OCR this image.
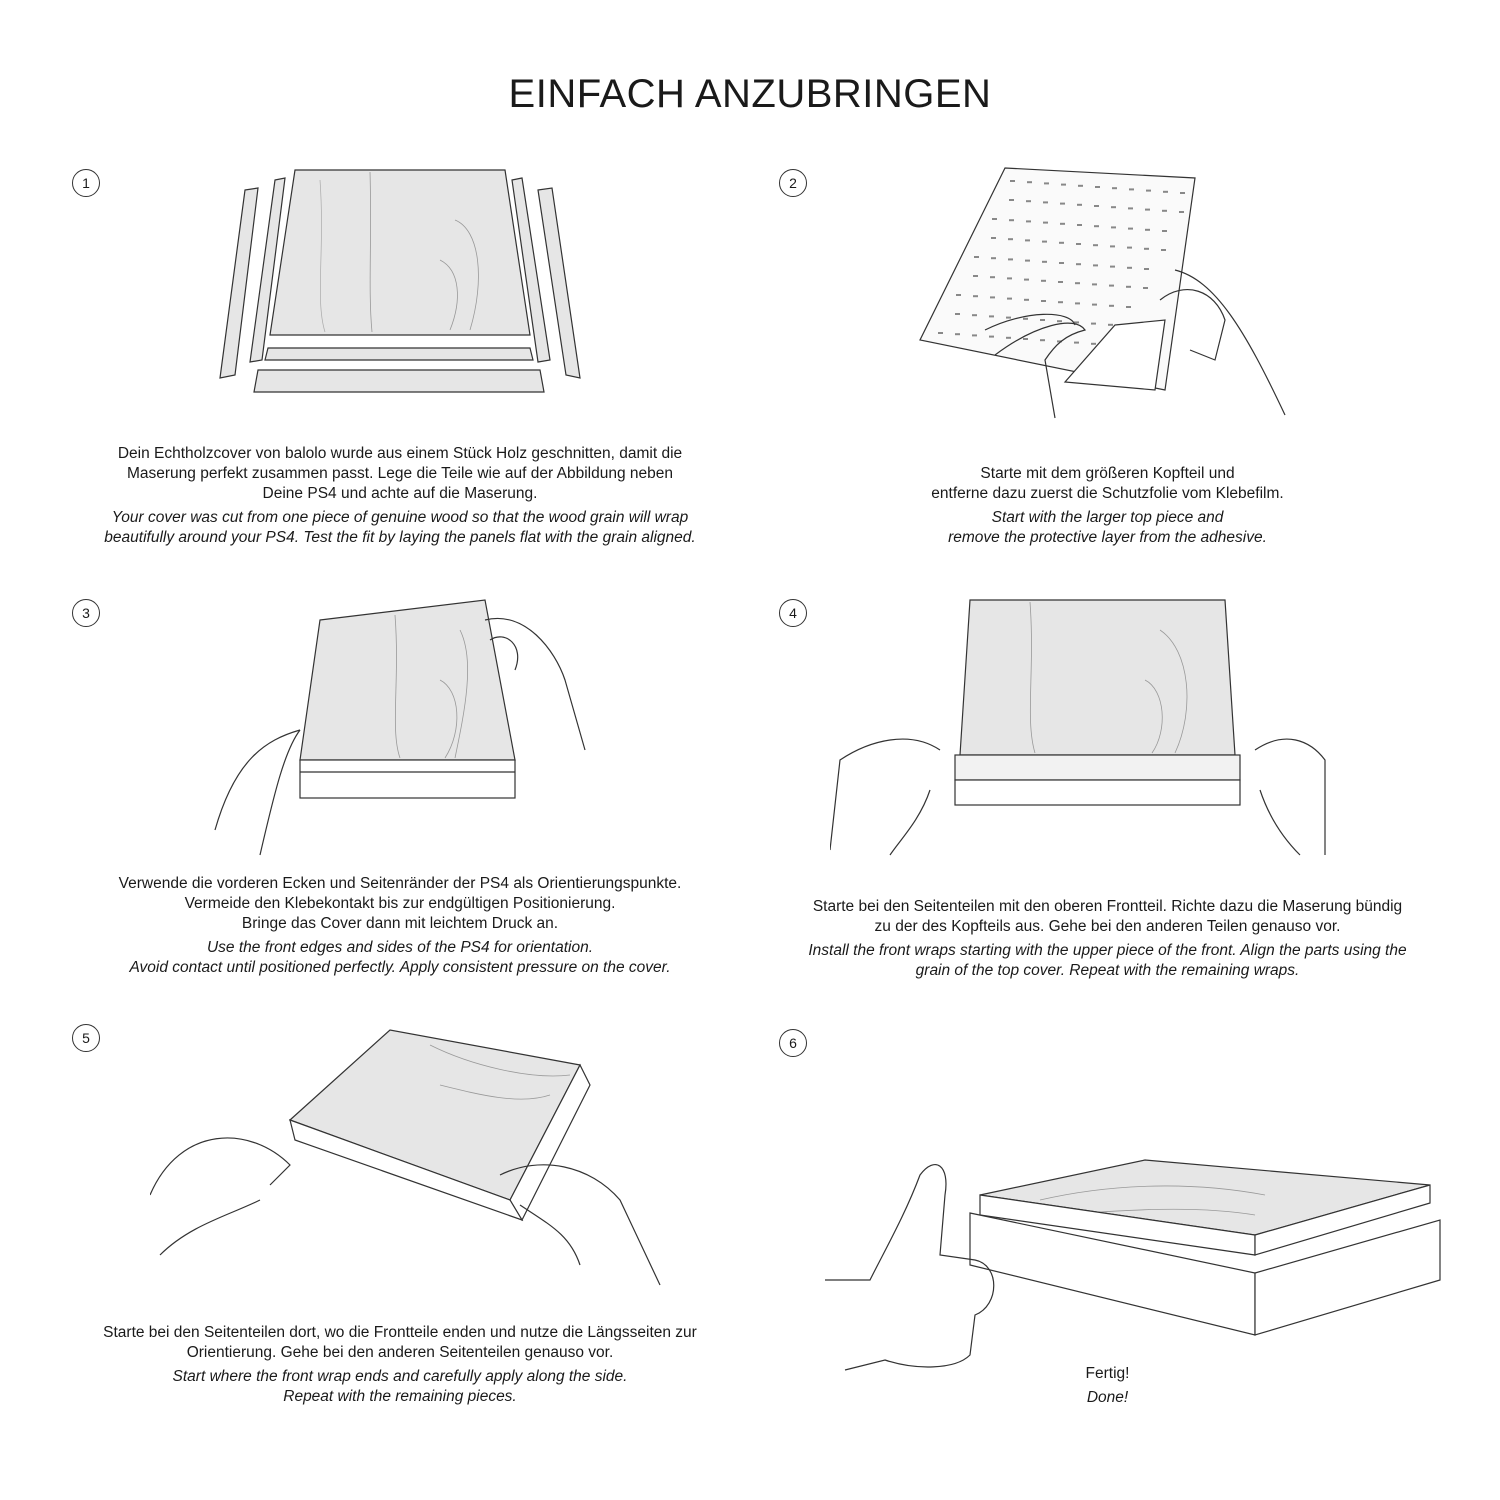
EINFACH ANZUBRINGEN
1	2
3	4
5	6
Dein Echtholzcover von balolo wurde aus einem Stück Holz geschnitten, damit die
Maserung perfekt zusammen passt. Lege die Teile wie auf der Abbildung neben
Deine PS4 und achte auf die Maserung.
Your cover was cut from one piece of genuine wood so that the wood grain will wrap
beautifully around your PS4. Test the fit by laying the panels flat with the grain aligned.
Starte mit dem größeren Kopfteil und
entferne dazu zuerst die Schutzfolie vom Klebefilm.
Start with the larger top piece and
remove the protective layer from the adhesive.
Verwende die vorderen Ecken und Seitenränder der PS4 als Orientierungspunkte.
Vermeide den Klebekontakt bis zur endgültigen Positionierung.
Bringe das Cover dann mit leichtem Druck an.
Use the front edges and sides of the PS4 for orientation.
Avoid contact until positioned perfectly. Apply consistent pressure on the cover.
Starte bei den Seitenteilen mit den oberen Frontteil. Richte dazu die Maserung bündig
zu der des Kopfteils aus. Gehe bei den anderen Teilen genauso vor.
Install the front wraps starting with the upper piece of the front. Align the parts using the
grain of the top cover. Repeat with the remaining wraps.
Starte bei den Seitenteilen dort, wo die Frontteile enden und nutze die Längsseiten zur
Orientierung. Gehe bei den anderen Seitenteilen genauso vor.
Start where the front wrap ends and carefully apply along the side.
Repeat with the remaining pieces.
Fertig!
Done!
